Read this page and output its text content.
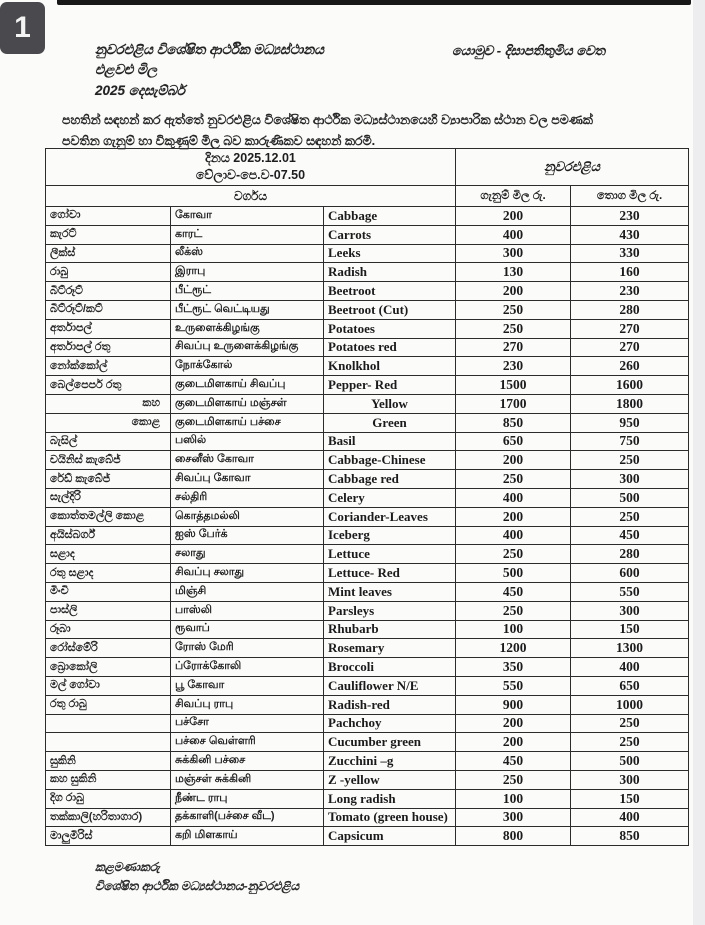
1
නුවරඑළිය විශේෂිත ආර්ථික මධ්‍යස්ථානය
එළවළු මිල
2025 දෙසැම්බර්
යොමුව - දිසාපතිතුමිය වෙත
පහතින් සඳහන් කර ඇත්තේ නුවරඑළිය විශේෂිත ආර්ථික මධ්‍යස්ථානයෙහි ව්‍යාපාරික ස්ථාන වල පමණක්
පවතින ගැනුම් හා විකුණුම් මිල බව කාරුණිකව සඳහන් කරමි.
දිනය 2025.12.01
වේලාව-පෙ.ව-07.50			නුවරඑළිය	
වර්ගය			ගැනුම් මිල රු.	තොග මිල රු.
ගෝවා	கோவா	Cabbage	200	230
කැරට්	காரட்	Carrots	400	430
ලීක්ස්	லீக்ஸ்	Leeks	300	330
රාබු	இராபு	Radish	130	160
බීට්රූට්	பீட்ரூட்	Beetroot	200	230
බීට්රූට්/කට්	பீட்ரூட் வெட்டியது	Beetroot (Cut)	250	280
අර්තාපල්	உருளைக்கிழங்கு	Potatoes	250	270
අර්තාපල් රතු	சிவப்பு உருளைக்கிழங்கு	Potatoes red	270	270
නෝක්කෝල්	நோக்கோல்	Knolkhol	230	260
බෙල්පෙපර් රතු	குடைமிளகாய் சிவப்பு	Pepper- Red	1500	1600
කහ	குடைமிளகாய் மஞ்சள்	Yellow	1700	1800
කොළ	குடைமிளகாய் பச்சை	Green	850	950
බැසිල්	பஸில்	Basil	650	750
චයිනිස් කැබේජ්	சைனீஸ் கோவா	Cabbage-Chinese	200	250
රේඩ් කැබේජ්	சிவப்பு கோவா	Cabbage red	250	300
සැල්දිරි	சல்திரி	Celery	400	500
කොත්තමල්ලි කොළ	கொத்தமல்லி	Coriander-Leaves	200	250
අයිස්බර්ග්	ஐஸ் பேர்க்	Iceberg	400	450
සළාද	சலாது	Lettuce	250	280
රතු සළාද	சிவப்பு சலாது	Lettuce- Red	500	600
මිංචි	மிஞ்சி	Mint leaves	450	550
පාස්ලි	பாஸ்லி	Parsleys	250	300
රූබා	ரூவாப்	Rhubarb	100	150
රෝස්මේරි	ரோஸ் மேரி	Rosemary	1200	1300
බ්‍රොකෝලි	ப்ரோக்கோலி	Broccoli	350	400
මල් ගෝවා	பூ கோவா	Cauliflower N/E	550	650
රතු රාබු	சிவப்பு ராபு	Radish-red	900	1000
	பச்சோ	Pachchoy	200	250
	பச்சை வெள்ளரி	Cucumber green	200	250
සුකිනි	சுக்கினி பச்சை	Zucchini –g	450	500
කහ සුකිනි	மஞ்சள் சுக்கினி	Z -yellow	250	300
දිග රාබු	நீண்ட ராபு	Long radish	100	150
තක්කාලි(හරිතාගාර)	தக்காளி(பச்சை வீட)	Tomato (green house)	300	400
මාලුමිරිස්	கறி மிளகாய்	Capsicum	800	850
කළමණාකරු
විශේෂිත ආර්ථික මධ්‍යස්ථානය-නුවරඑළිය
